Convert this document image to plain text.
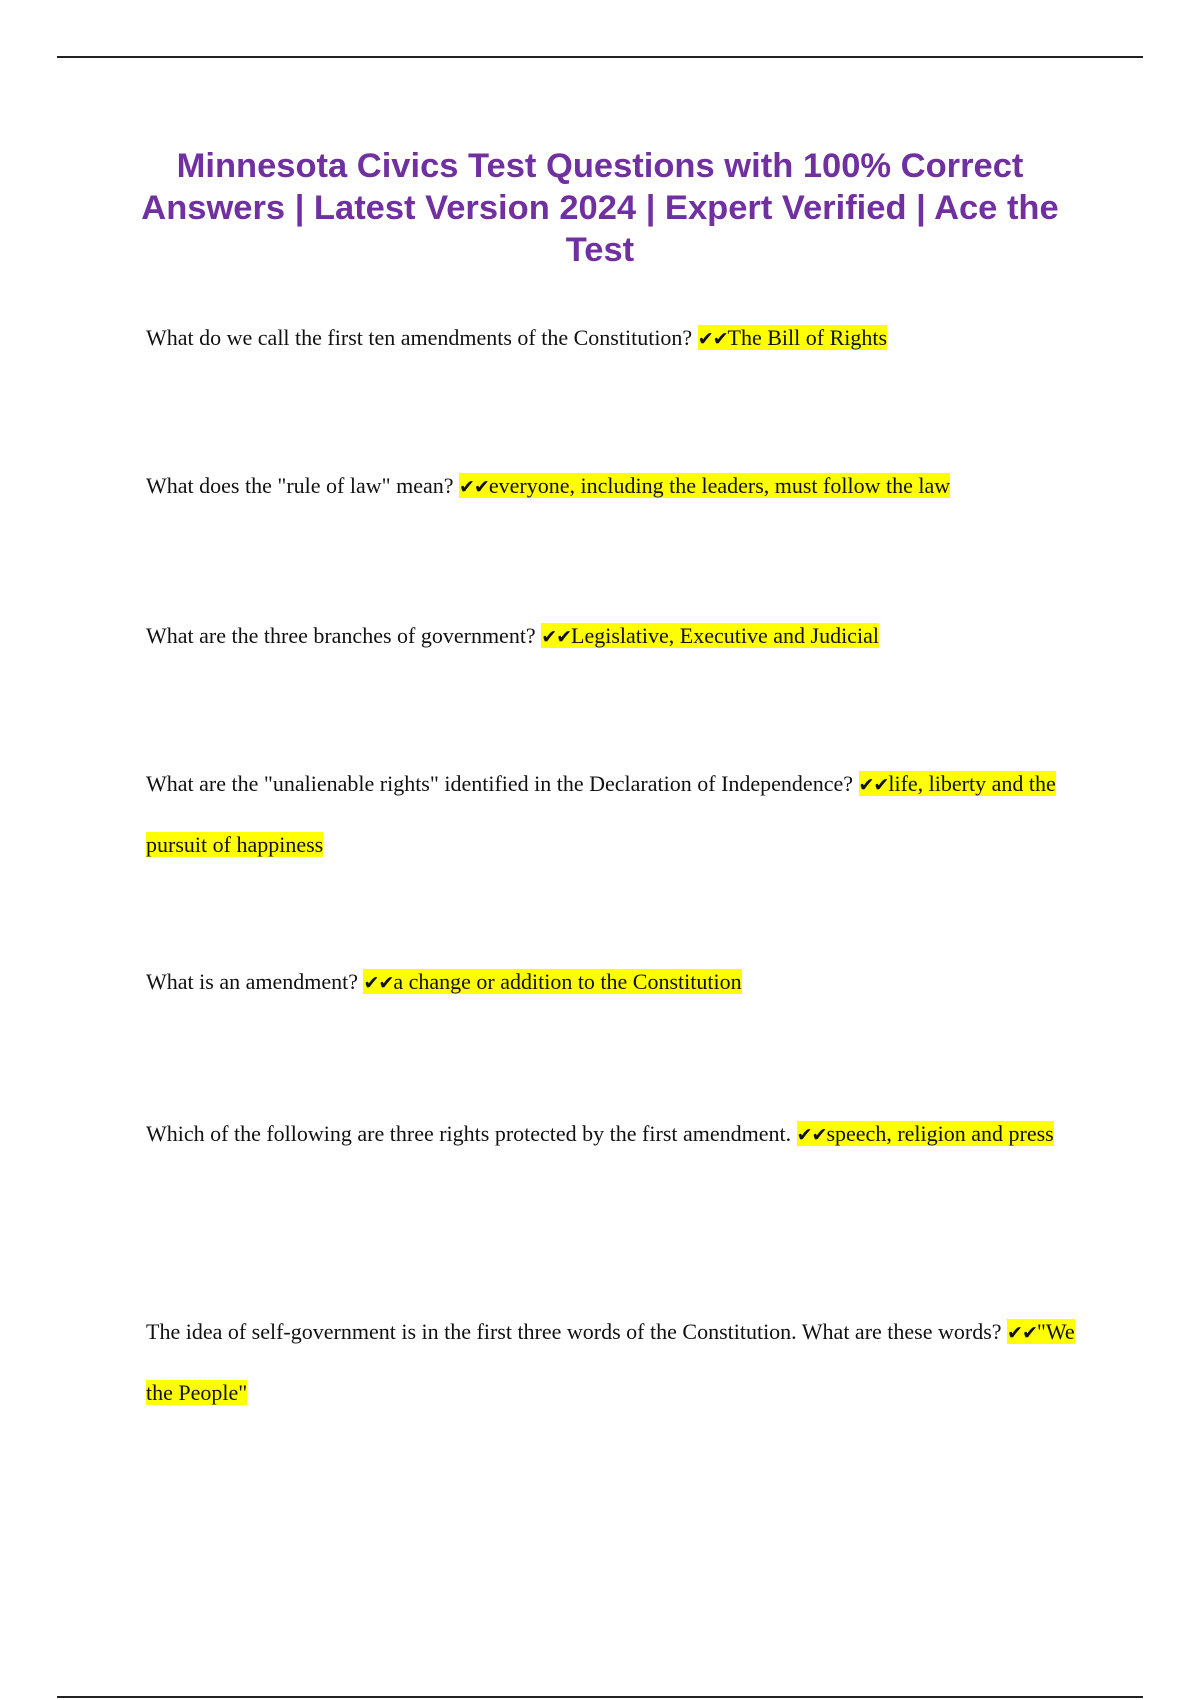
Minnesota Civics Test Questions with 100% Correct Answers | Latest Version 2024 | Expert Verified | Ace the Test

What do we call the first ten amendments of the Constitution? ✔✔The Bill of Rights

What does the "rule of law" mean? ✔✔everyone, including the leaders, must follow the law

What are the three branches of government? ✔✔Legislative, Executive and Judicial

What are the "unalienable rights" identified in the Declaration of Independence? ✔✔life, liberty and the pursuit of happiness

What is an amendment? ✔✔a change or addition to the Constitution

Which of the following are three rights protected by the first amendment. ✔✔speech, religion and press

The idea of self-government is in the first three words of the Constitution. What are these words? ✔✔"We the People"
